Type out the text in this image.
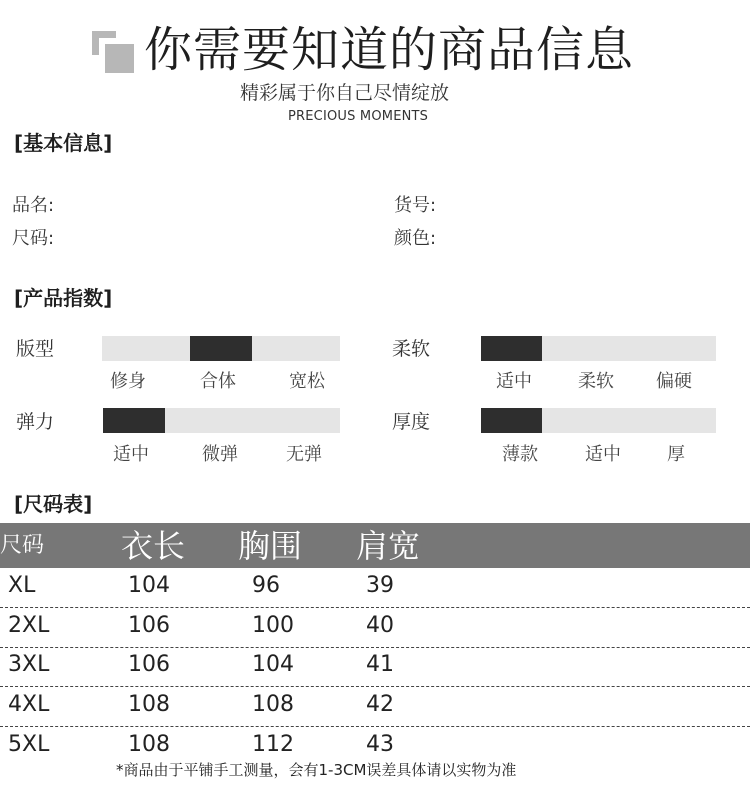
你需要知道的商品信息
精彩属于你自己尽情绽放
PRECIOUS MOMENTS
[基本信息]
品名:	货号:
尺码:	颜色:
[产品指数]
版型
修身	合体	宽松
柔软
适中	柔软 偏硬
弹力
适中	微弹	无弹
厚度
薄款	适中	厚
[尺码表]
尺码 衣长 胸围 肩宽
XL	104	96	39
2XL	106	100	40
3XL	106	104	41
4XL	108	108	42
5XL	108	112	43
*商品由于平铺手工测量，会有1-3CM误差具体请以实物为准
